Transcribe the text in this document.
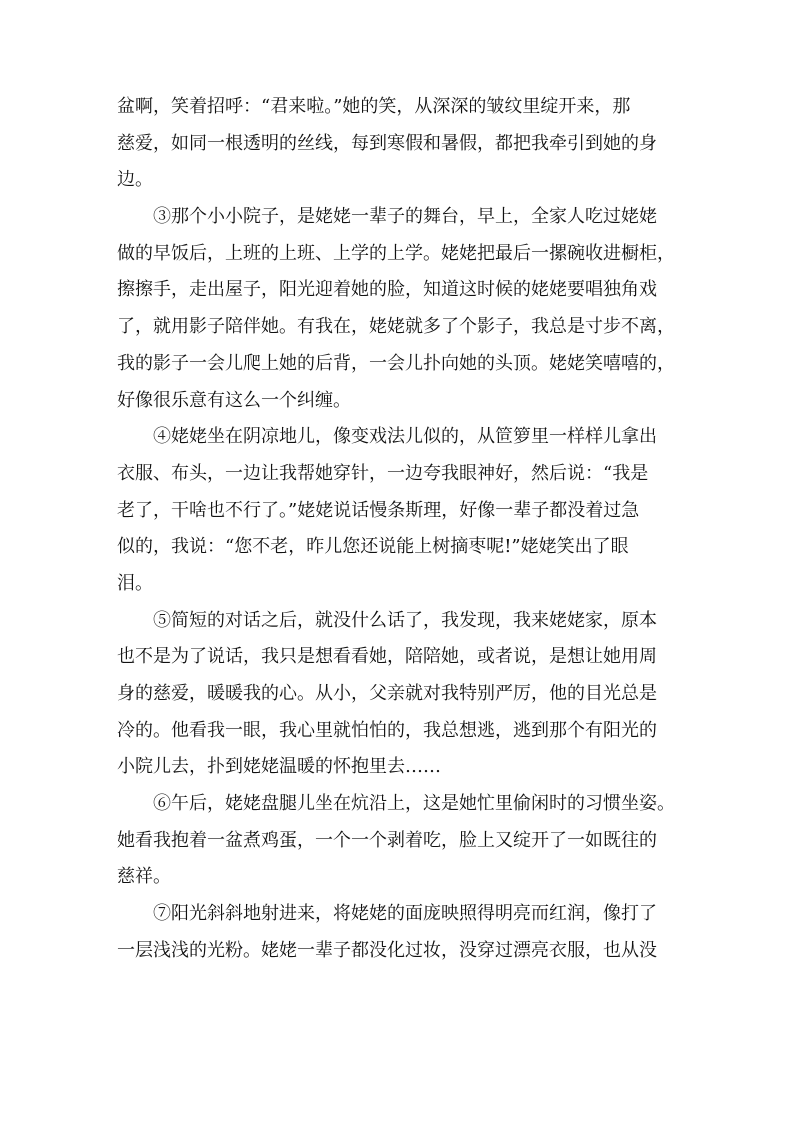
盆啊，笑着招呼：“君来啦。”她的笑，从深深的皱纹里绽开来，那
慈爱，如同一根透明的丝线，每到寒假和暑假，都把我牵引到她的身
边。
③那个小小院子，是姥姥一辈子的舞台，早上，全家人吃过姥姥
做的早饭后，上班的上班、上学的上学。姥姥把最后一摞碗收进橱柜，
擦擦手，走出屋子，阳光迎着她的脸，知道这时候的姥姥要唱独角戏
了，就用影子陪伴她。有我在，姥姥就多了个影子，我总是寸步不离，
我的影子一会儿爬上她的后背，一会儿扑向她的头顶。姥姥笑嘻嘻的，
好像很乐意有这么一个纠缠。
④姥姥坐在阴凉地儿，像变戏法儿似的，从笸箩里一样样儿拿出
衣服、布头，一边让我帮她穿针，一边夸我眼神好，然后说：“我是
老了，干啥也不行了。”姥姥说话慢条斯理，好像一辈子都没着过急
似的，我说：“您不老，昨儿您还说能上树摘枣呢!”姥姥笑出了眼
泪。
⑤简短的对话之后，就没什么话了，我发现，我来姥姥家，原本
也不是为了说话，我只是想看看她，陪陪她，或者说，是想让她用周
身的慈爱，暖暖我的心。从小，父亲就对我特别严厉，他的目光总是
冷的。他看我一眼，我心里就怕怕的，我总想逃，逃到那个有阳光的
小院儿去，扑到姥姥温暖的怀抱里去……
⑥午后，姥姥盘腿儿坐在炕沿上，这是她忙里偷闲时的习惯坐姿。
她看我抱着一盆煮鸡蛋，一个一个剥着吃，脸上又绽开了一如既往的
慈祥。
⑦阳光斜斜地射进来，将姥姥的面庞映照得明亮而红润，像打了
一层浅浅的光粉。姥姥一辈子都没化过妆，没穿过漂亮衣服，也从没
